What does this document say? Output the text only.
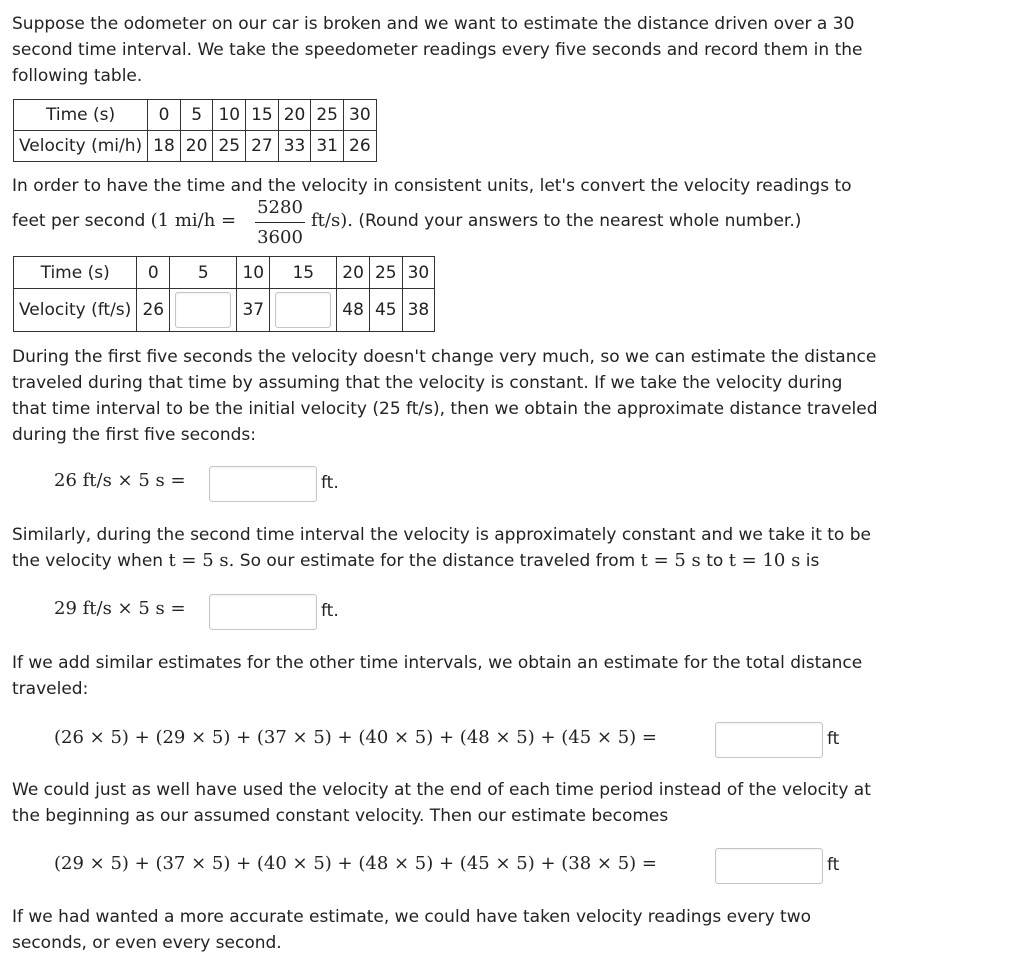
Suppose the odometer on our car is broken and we want to estimate the distance driven over a 30 second time interval. We take the speedometer readings every five seconds and record them in the following table.

Time (s)	0	5	10	15	20	25	30
Velocity (mi/h)	18	20	25	27	33	31	26

In order to have the time and the velocity in consistent units, let's convert the velocity readings to

feet per second (1 mi/h =
5280
3600
ft/s). (Round your answers to the nearest whole number.)
Time (s)	0	5	10	15	20	25	30
Velocity (ft/s)	26		37		48	45	38

During the first five seconds the velocity doesn't change very much, so we can estimate the distance traveled during that time by assuming that the velocity is constant. If we take the velocity during that time interval to be the initial velocity (25 ft/s), then we obtain the approximate distance traveled during the first five seconds:

26 ft/s × 5 s =	ft.

Similarly, during the second time interval the velocity is approximately constant and we take it to be

the velocity when t = 5 s. So our estimate for the distance traveled from t = 5 s to t = 10 s is
29 ft/s × 5 s =	ft.

If we add similar estimates for the other time intervals, we obtain an estimate for the total distance traveled:

(26 × 5) + (29 × 5) + (37 × 5) + (40 × 5) + (48 × 5) + (45 × 5) =	ft

We could just as well have used the velocity at the end of each time period instead of the velocity at the beginning as our assumed constant velocity. Then our estimate becomes

(29 × 5) + (37 × 5) + (40 × 5) + (48 × 5) + (45 × 5) + (38 × 5) =	ft

If we had wanted a more accurate estimate, we could have taken velocity readings every two seconds, or even every second.
